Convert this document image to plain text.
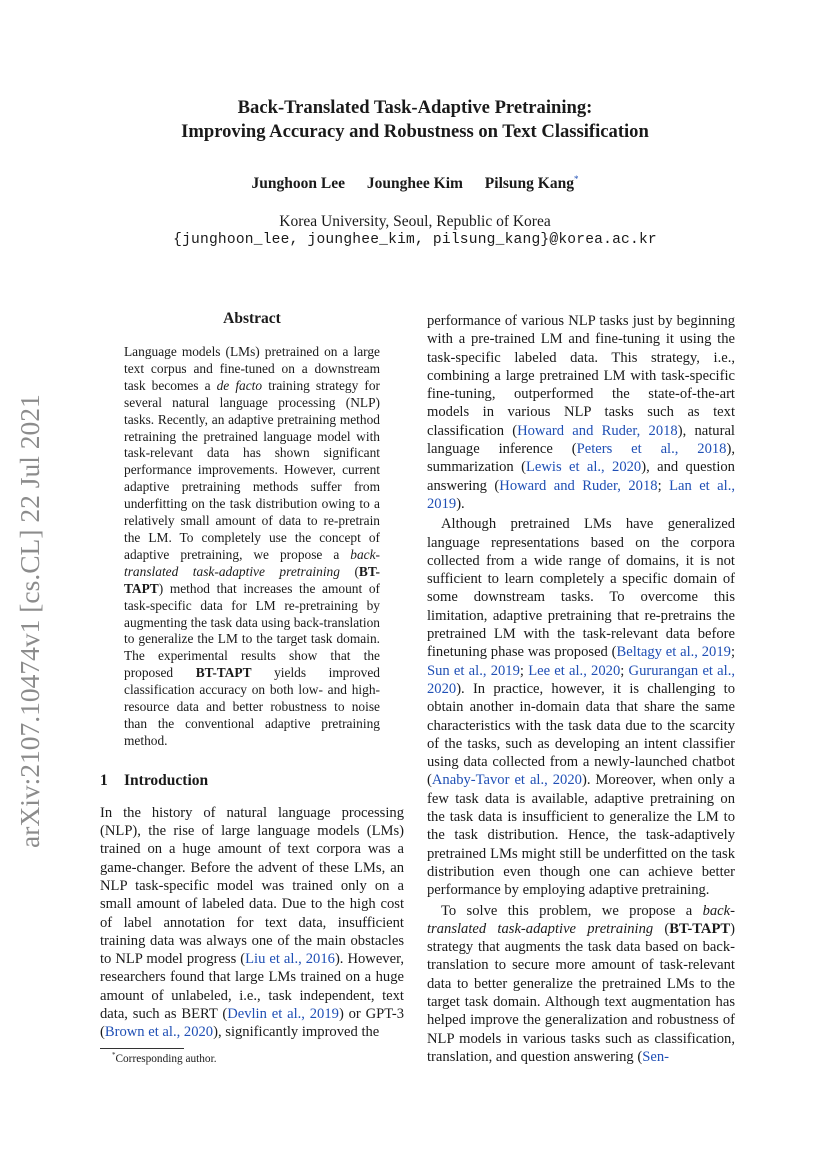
arXiv:2107.10474v1 [cs.CL] 22 Jul 2021
Back-Translated Task-Adaptive Pretraining:
Improving Accuracy and Robustness on Text Classification
Junghoon Lee Jounghee Kim Pilsung Kang*
Korea University, Seoul, Republic of Korea
{junghoon_lee, jounghee_kim, pilsung_kang}@korea.ac.kr
Abstract

Language models (LMs) pretrained on a large text corpus and fine-tuned on a downstream task becomes a de facto training strategy for several natural language processing (NLP) tasks. Recently, an adaptive pretraining method retraining the pretrained language model with task-relevant data has shown significant performance improvements. However, current adaptive pretraining methods suffer from underfitting on the task distribution owing to a relatively small amount of data to re-pretrain the LM. To completely use the concept of adaptive pretraining, we propose a back-translated task-adaptive pretraining (BT-TAPT) method that increases the amount of task-specific data for LM re-pretraining by augmenting the task data using back-translation to generalize the LM to the target task domain. The experimental results show that the proposed BT-TAPT yields improved classification accuracy on both low- and high-resource data and better robustness to noise than the conventional adaptive pretraining method.

1 Introduction

In the history of natural language processing (NLP), the rise of large language models (LMs) trained on a huge amount of text corpora was a game-changer. Before the advent of these LMs, an NLP task-specific model was trained only on a small amount of labeled data. Due to the high cost of label annotation for text data, insufficient training data was always one of the main obstacles to NLP model progress (Liu et al., 2016). However, researchers found that large LMs trained on a huge amount of unlabeled, i.e., task independent, text data, such as BERT (Devlin et al., 2019) or GPT-3 (Brown et al., 2020), significantly improved the

performance of various NLP tasks just by beginning with a pre-trained LM and fine-tuning it using the task-specific labeled data. This strategy, i.e., combining a large pretrained LM with task-specific fine-tuning, outperformed the state-of-the-art models in various NLP tasks such as text classification (Howard and Ruder, 2018), natural language inference (Peters et al., 2018), summarization (Lewis et al., 2020), and question answering (Howard and Ruder, 2018; Lan et al., 2019).

Although pretrained LMs have generalized language representations based on the corpora collected from a wide range of domains, it is not sufficient to learn completely a specific domain of some downstream tasks. To overcome this limitation, adaptive pretraining that re-pretrains the pretrained LM with the task-relevant data before finetuning phase was proposed (Beltagy et al., 2019; Sun et al., 2019; Lee et al., 2020; Gururangan et al., 2020). In practice, however, it is challenging to obtain another in-domain data that share the same characteristics with the task data due to the scarcity of the tasks, such as developing an intent classifier using data collected from a newly-launched chatbot (Anaby-Tavor et al., 2020). Moreover, when only a few task data is available, adaptive pretraining on the task data is insufficient to generalize the LM to the task distribution. Hence, the task-adaptively pretrained LMs might still be underfitted on the task distribution even though one can achieve better performance by employing adaptive pretraining.

To solve this problem, we propose a back-translated task-adaptive pretraining (BT-TAPT) strategy that augments the task data based on back-translation to secure more amount of task-relevant data to better generalize the pretrained LMs to the target task domain. Although text augmentation has helped improve the generalization and robustness of NLP models in various tasks such as classification, translation, and question answering (Sen-

*Corresponding author.
